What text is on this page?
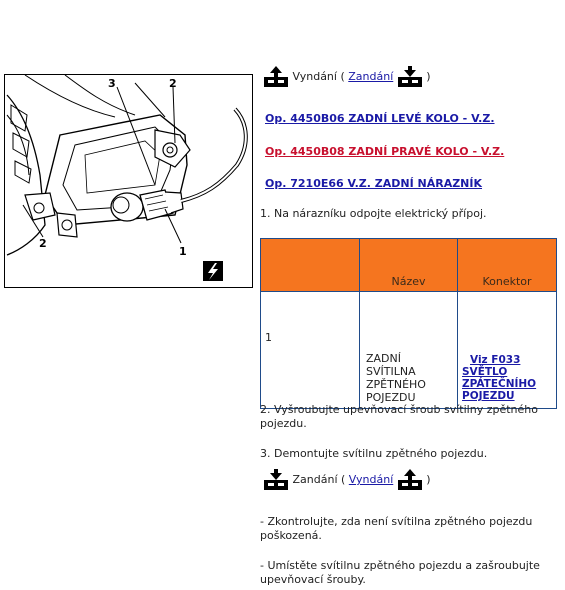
3	2
2
1
Vyndání ( Zandání	)
Op. 4450B06 ZADNÍ LEVÉ KOLO - V.Z.
Op. 4450B08 ZADNÍ PRAVÉ KOLO - V.Z.
Op. 7210E66 V.Z. ZADNÍ NÁRAZNÍK
1. Na nárazníku odpojte elektrický přípoj.

	Název	Konektor

1	ZADNÍ
SVÍTILNA
ZPĚTNÉHO
POJEZDU	Viz F033
SVĚTLO
ZPÁTEČNÍHO
POJEZDU
2. Vyšroubujte upevňovací šroub svítilny zpětného pojezdu.
3. Demontujte svítilnu zpětného pojezdu.
Zandání ( Vyndání	)
- Zkontrolujte, zda není svítilna zpětného pojezdu poškozená.
- Umístěte svítilnu zpětného pojezdu a zašroubujte upevňovací šrouby.
